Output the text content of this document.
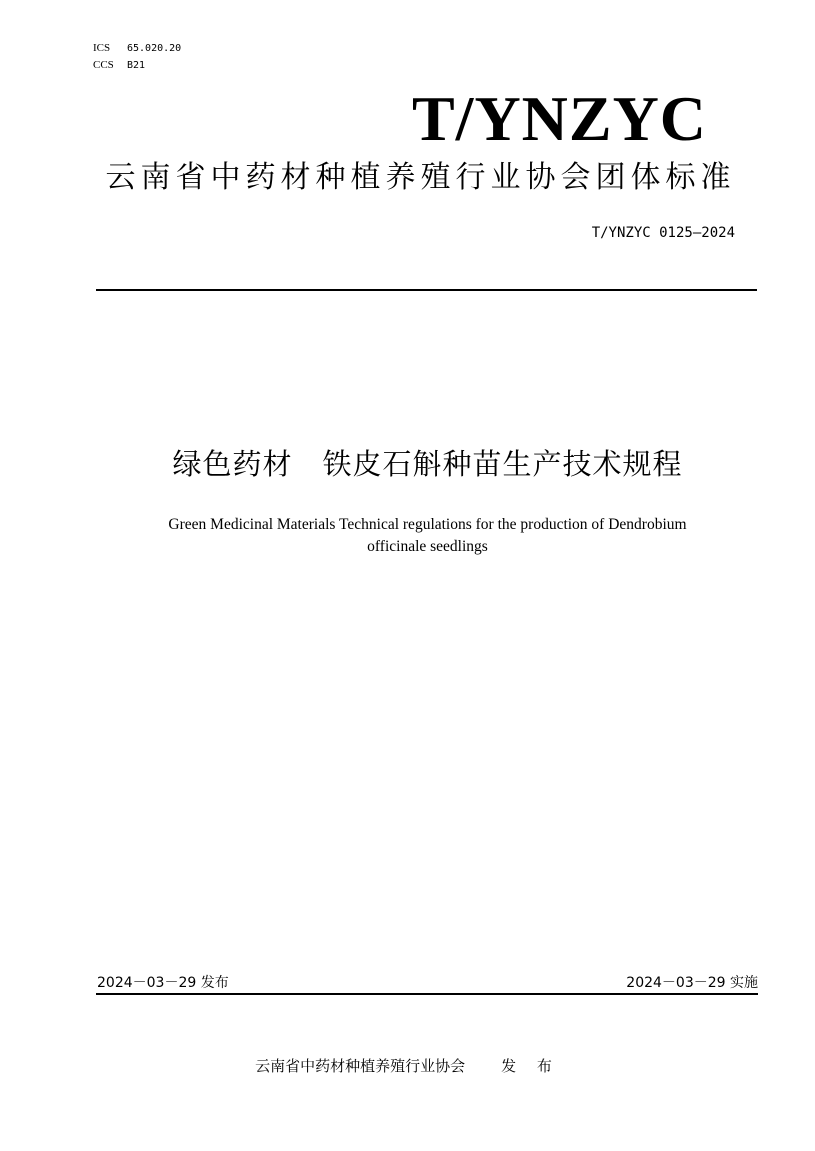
ICS	65.020.20
CCS	B21
T/YNZYC
云南省中药材种植养殖行业协会团体标准
T/YNZYC 0125—2024
绿色药材　铁皮石斛种苗生产技术规程
Green Medicinal Materials Technical regulations for the production of Dendrobium
officinale seedlings
2024－03－29 发布	2024－03－29 实施
云南省中药材种植养殖行业协会 发 布
